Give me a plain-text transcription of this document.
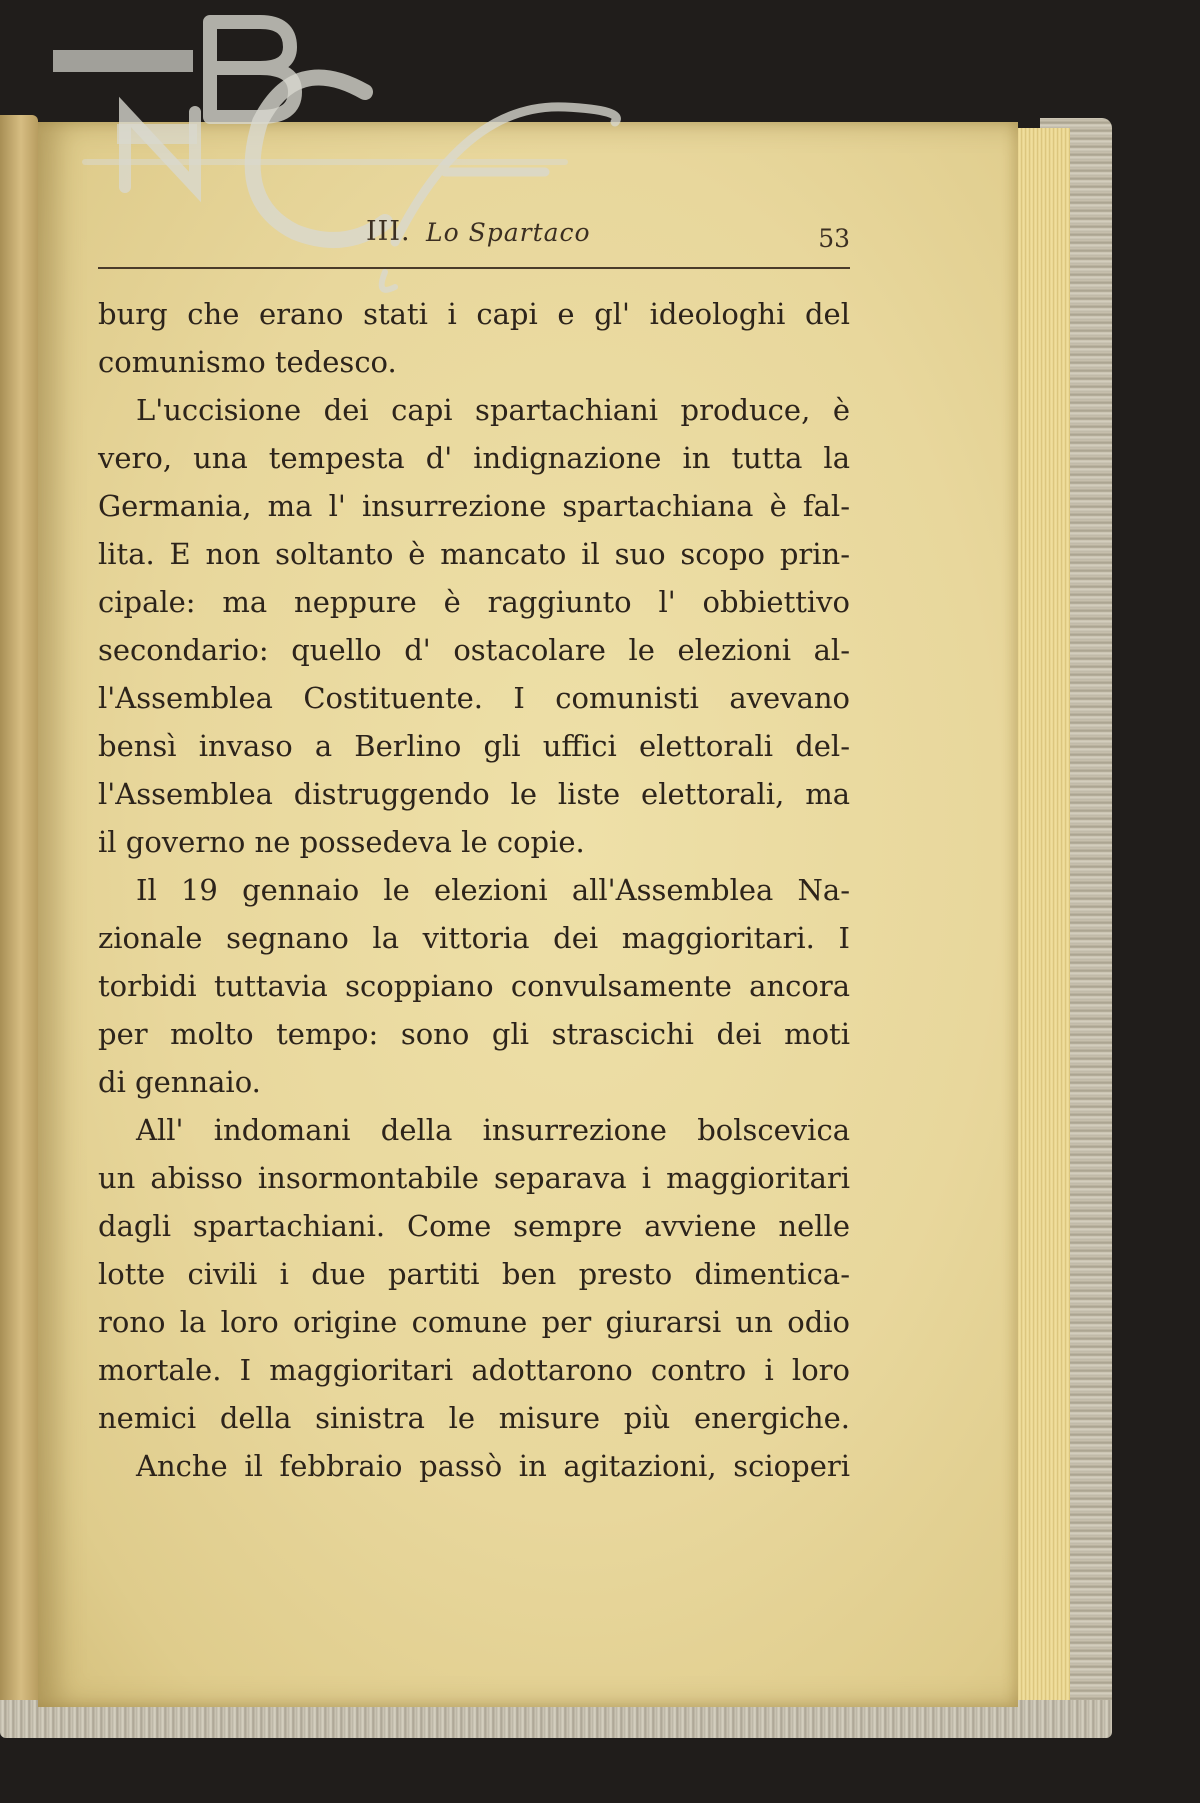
III. Lo Spartaco	53
burg che erano stati i capi e gl' ideologhi del
comunismo tedesco.
L'uccisione dei capi spartachiani produce, è
vero, una tempesta d' indignazione in tutta la
Germania, ma l' insurrezione spartachiana è fal-
lita. E non soltanto è mancato il suo scopo prin-
cipale: ma neppure è raggiunto l' obbiettivo
secondario: quello d' ostacolare le elezioni al-
l'Assemblea Costituente. I comunisti avevano
bensì invaso a Berlino gli uffici elettorali del-
l'Assemblea distruggendo le liste elettorali, ma
il governo ne possedeva le copie.
Il 19 gennaio le elezioni all'Assemblea Na-
zionale segnano la vittoria dei maggioritari. I
torbidi tuttavia scoppiano convulsamente ancora
per molto tempo: sono gli strascichi dei moti
di gennaio.
All' indomani della insurrezione bolscevica
un abisso insormontabile separava i maggioritari
dagli spartachiani. Come sempre avviene nelle
lotte civili i due partiti ben presto dimentica-
rono la loro origine comune per giurarsi un odio
mortale. I maggioritari adottarono contro i loro
nemici della sinistra le misure più energiche.
Anche il febbraio passò in agitazioni, scioperi
